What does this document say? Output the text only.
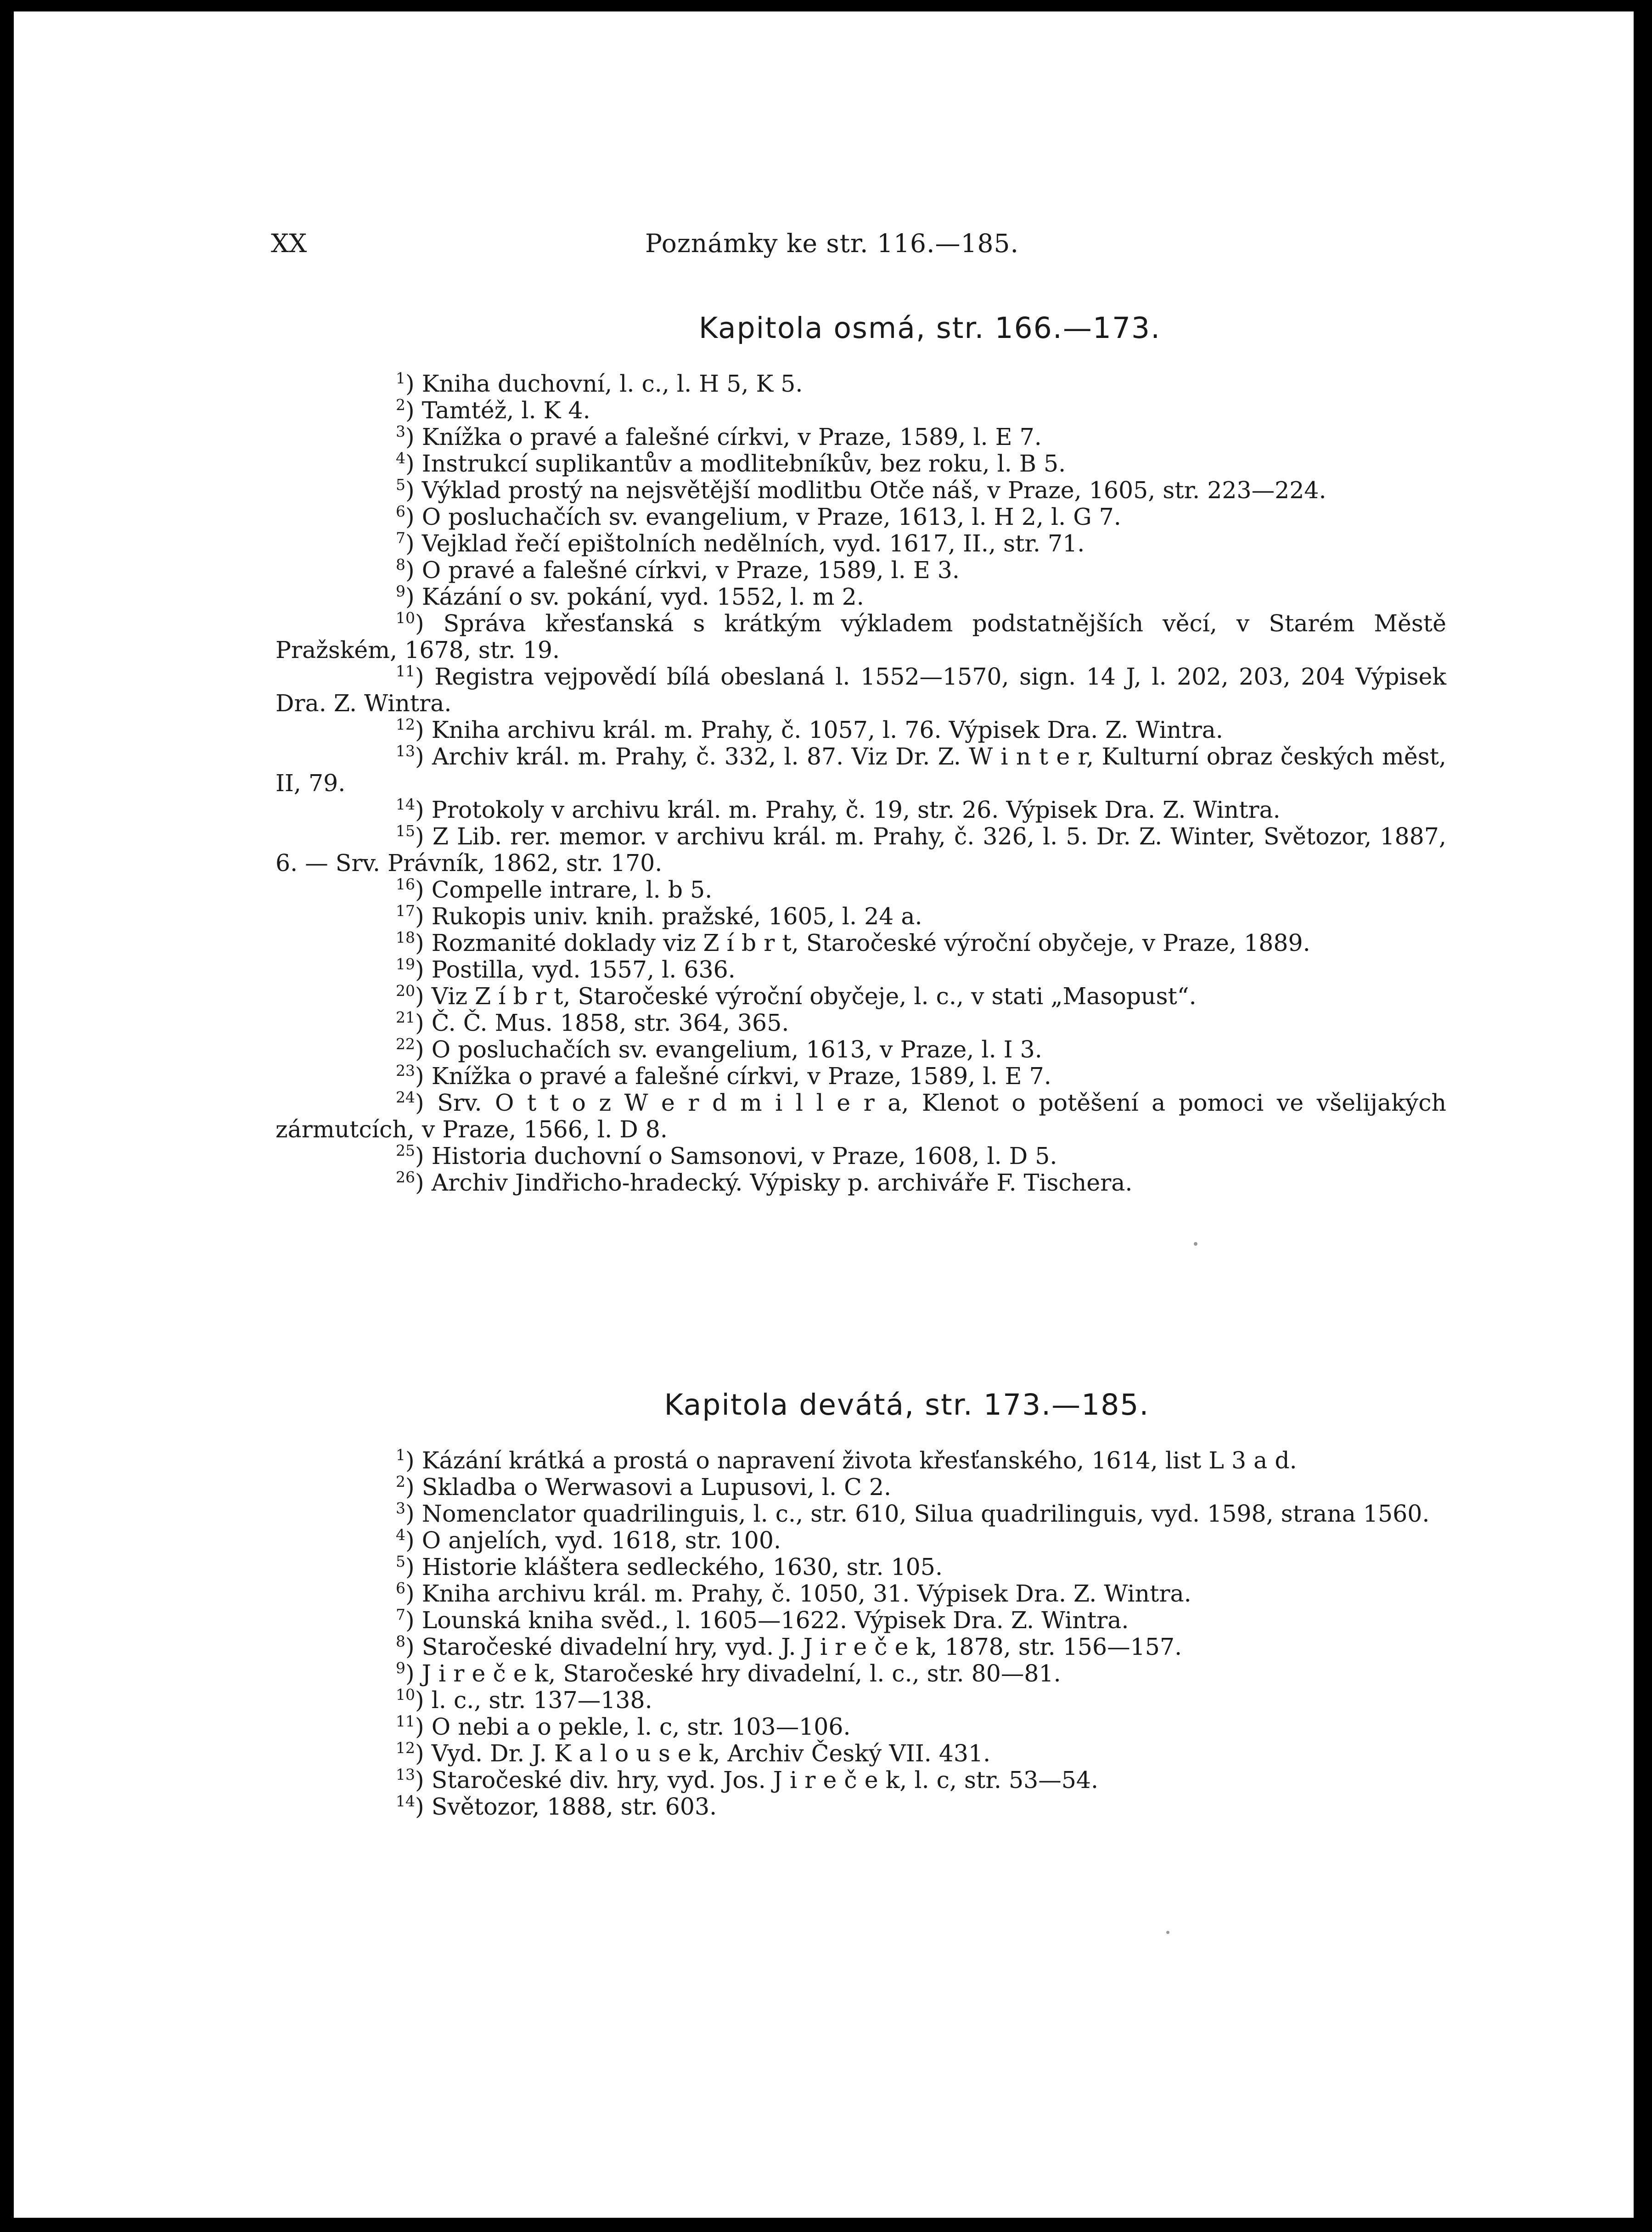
XX	Poznámky ke str. 116.—185.
Kapitola osmá, str. 166.—173.
$^1$) Kniha duchovní, l. c., l. H 5, K 5.
$^2$) Tamtéž, l. K 4.
$^3$) Knížka o pravé a falešné církvi, v Praze, 1589, l. E 7.
$^4$) Instrukcí suplikantův a modlitebníkův, bez roku, l. B 5.
$^5$) Výklad prostý na nejsvětější modlitbu Otče náš, v Praze, 1605, str. 223—224.
$^6$) O posluchačích sv. evangelium, v Praze, 1613, l. H 2, l. G 7.
$^7$) Vejklad řečí epištolních nedělních, vyd. 1617, II., str. 71.
$^8$) O pravé a falešné církvi, v Praze, 1589, l. E 3.
$^9$) Kázání o sv. pokání, vyd. 1552, l. m 2.
$^{10}$) Správa křesťanská s krátkým výkladem podstatnějších věcí, v Starém Městě Pražském, 1678, str. 19.
$^{11}$) Registra vejpovědí bílá obeslaná l. 1552—1570, sign. 14 J, l. 202, 203, 204 Výpisek Dra. Z. Wintra.
$^{12}$) Kniha archivu král. m. Prahy, č. 1057, l. 76. Výpisek Dra. Z. Wintra.
$^{13}$) Archiv král. m. Prahy, č. 332, l. 87. Viz Dr. Z. W i n t e r, Kulturní obraz českých měst, II, 79.
$^{14}$) Protokoly v archivu král. m. Prahy, č. 19, str. 26. Výpisek Dra. Z. Wintra.
$^{15}$) Z Lib. rer. memor. v archivu král. m. Prahy, č. 326, l. 5. Dr. Z. Winter, Světozor, 1887, 6. — Srv. Právník, 1862, str. 170.
$^{16}$) Compelle intrare, l. b 5.
$^{17}$) Rukopis univ. knih. pražské, 1605, l. 24 a.
$^{18}$) Rozmanité doklady viz Z í b r t, Staročeské výroční obyčeje, v Praze, 1889.
$^{19}$) Postilla, vyd. 1557, l. 636.
$^{20}$) Viz Z í b r t, Staročeské výroční obyčeje, l. c., v stati „Masopust“.
$^{21}$) Č. Č. Mus. 1858, str. 364, 365.
$^{22}$) O posluchačích sv. evangelium, 1613, v Praze, l. I 3.
$^{23}$) Knížka o pravé a falešné církvi, v Praze, 1589, l. E 7.
$^{24}$) Srv. O t t o z W e r d m i l l e r a, Klenot o potěšení a pomoci ve všelijakých zármutcích, v Praze, 1566, l. D 8.
$^{25}$) Historia duchovní o Samsonovi, v Praze, 1608, l. D 5.
$^{26}$) Archiv Jindřicho-hradecký. Výpisky p. archiváře F. Tischera.
Kapitola devátá, str. 173.—185.
$^1$) Kázání krátká a prostá o napravení života křesťanského, 1614, list L 3 a d.
$^2$) Skladba o Werwasovi a Lupusovi, l. C 2.
$^3$) Nomenclator quadrilinguis, l. c., str. 610, Silua quadrilinguis, vyd. 1598, strana 1560.
$^4$) O anjelích, vyd. 1618, str. 100.
$^5$) Historie kláštera sedleckého, 1630, str. 105.
$^6$) Kniha archivu král. m. Prahy, č. 1050, 31. Výpisek Dra. Z. Wintra.
$^7$) Lounská kniha svěd., l. 1605—1622. Výpisek Dra. Z. Wintra.
$^8$) Staročeské divadelní hry, vyd. J. J i r e č e k, 1878, str. 156—157.
$^9$) J i r e č e k, Staročeské hry divadelní, l. c., str. 80—81.
$^{10}$) l. c., str. 137—138.
$^{11}$) O nebi a o pekle, l. c, str. 103—106.
$^{12}$) Vyd. Dr. J. K a l o u s e k, Archiv Český VII. 431.
$^{13}$) Staročeské div. hry, vyd. Jos. J i r e č e k, l. c, str. 53—54.
$^{14}$) Světozor, 1888, str. 603.
